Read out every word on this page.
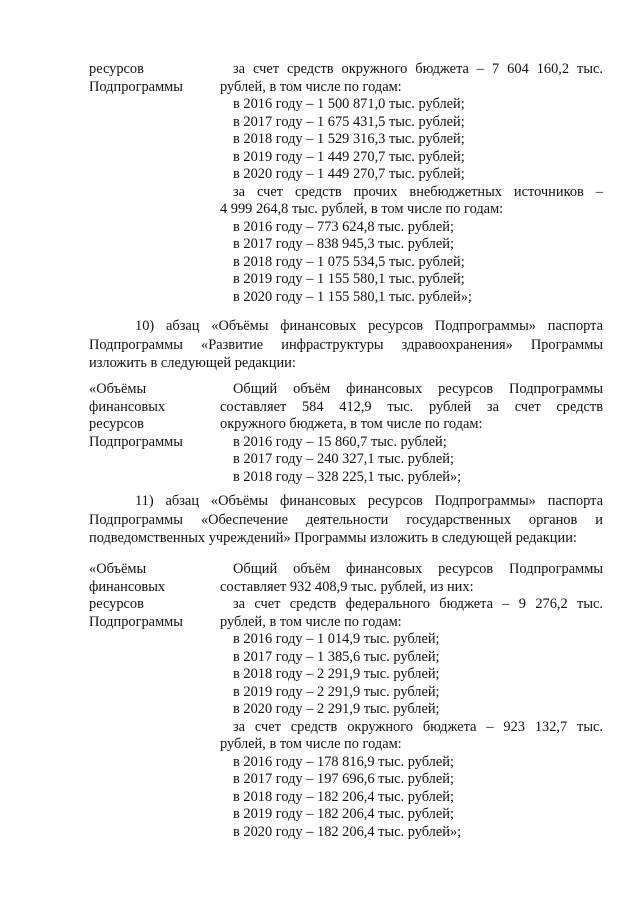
ресурсов
Подпрограммы
за счет средств окружного бюджета – 7 604 160,2 тыс.
рублей, в том числе по годам:
в 2016 году – 1 500 871,0 тыс. рублей;
в 2017 году – 1 675 431,5 тыс. рублей;
в 2018 году – 1 529 316,3 тыс. рублей;
в 2019 году – 1 449 270,7 тыс. рублей;
в 2020 году – 1 449 270,7 тыс. рублей;
за счет средств прочих внебюджетных источников –
4 999 264,8 тыс. рублей, в том числе по годам:
в 2016 году – 773 624,8 тыс. рублей;
в 2017 году – 838 945,3 тыс. рублей;
в 2018 году – 1 075 534,5 тыс. рублей;
в 2019 году – 1 155 580,1 тыс. рублей;
в 2020 году – 1 155 580,1 тыс. рублей»;
10) абзац «Объёмы финансовых ресурсов Подпрограммы» паспорта
Подпрограммы «Развитие инфраструктуры здравоохранения» Программы
изложить в следующей редакции:
«Объёмы
финансовых
ресурсов
Подпрограммы
Общий объём финансовых ресурсов Подпрограммы
составляет 584 412,9 тыс. рублей за счет средств
окружного бюджета, в том числе по годам:
в 2016 году – 15 860,7 тыс. рублей;
в 2017 году – 240 327,1 тыс. рублей;
в 2018 году – 328 225,1 тыс. рублей»;
11) абзац «Объёмы финансовых ресурсов Подпрограммы» паспорта
Подпрограммы «Обеспечение деятельности государственных органов и
подведомственных учреждений» Программы изложить в следующей редакции:
«Объёмы
финансовых
ресурсов
Подпрограммы
Общий объём финансовых ресурсов Подпрограммы
составляет 932 408,9 тыс. рублей, из них:
за счет средств федерального бюджета – 9 276,2 тыс.
рублей, в том числе по годам:
в 2016 году – 1 014,9 тыс. рублей;
в 2017 году – 1 385,6 тыс. рублей;
в 2018 году – 2 291,9 тыс. рублей;
в 2019 году – 2 291,9 тыс. рублей;
в 2020 году – 2 291,9 тыс. рублей;
за счет средств окружного бюджета – 923 132,7 тыс.
рублей, в том числе по годам:
в 2016 году – 178 816,9 тыс. рублей;
в 2017 году – 197 696,6 тыс. рублей;
в 2018 году – 182 206,4 тыс. рублей;
в 2019 году – 182 206,4 тыс. рублей;
в 2020 году – 182 206,4 тыс. рублей»;
